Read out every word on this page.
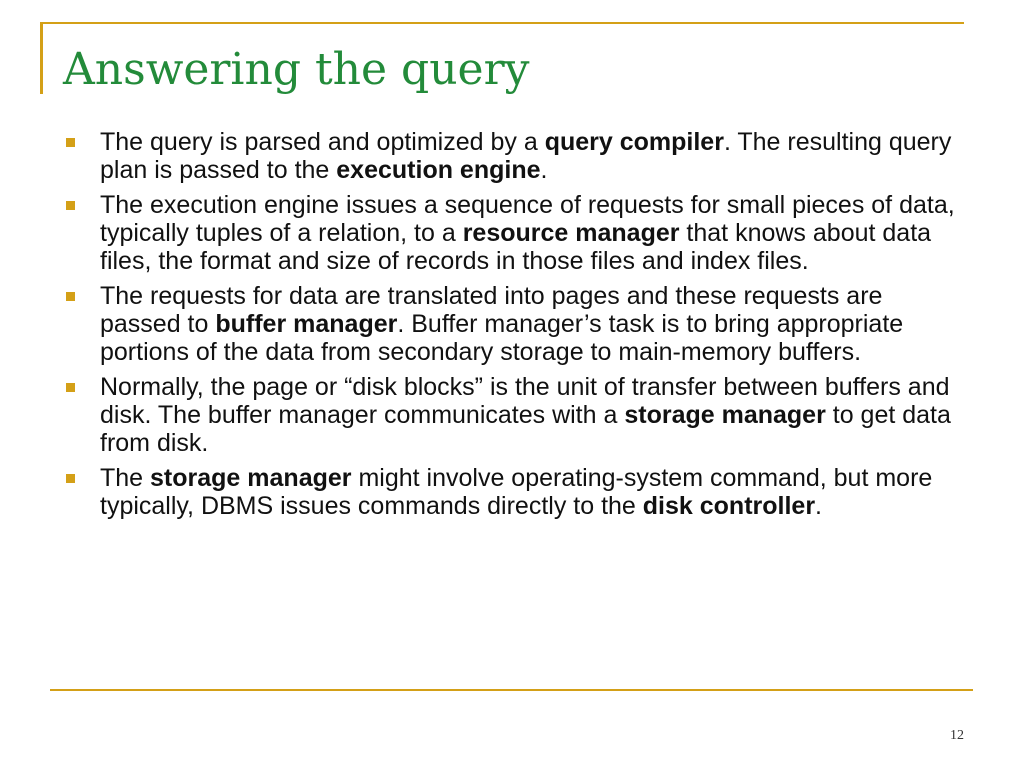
Answering the query
The query is parsed and optimized by a query compiler. The resulting query plan is passed to the execution engine.
The execution engine issues a sequence of requests for small pieces of data, typically tuples of a relation, to a resource manager that knows about data files, the format and size of records in those files and index files.
The requests for data are translated into pages and these requests are passed to buffer manager. Buffer manager’s task is to bring appropriate portions of the data from secondary storage to main-memory buffers.
Normally, the page or “disk blocks” is the unit of transfer between buffers and disk. The buffer manager communicates with a storage manager to get data from disk.
The storage manager might involve operating-system command, but more typically, DBMS issues commands directly to the disk controller.
12
